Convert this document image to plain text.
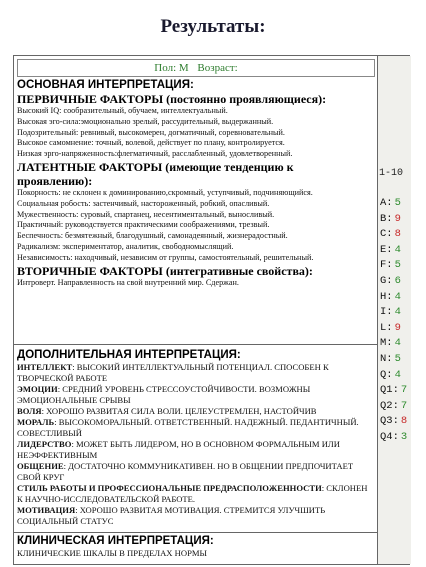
Результаты:
Пол: М Возраст:
ОСНОВНАЯ ИНТЕРПРЕТАЦИЯ:
ПЕРВИЧНЫЕ ФАКТОРЫ (постоянно проявляющиеся):
Высокий IQ: сообразительный, обучаем, интеллектуальный.
Высокая эго-сила:эмоционально зрелый, рассудительный, выдержанный.
Подозрительный: ревнивый, высокомерен, догматичный, соревновательный.
Высокое самомнение: точный, волевой, действует по плану, контролируется.
Низкая эрго-напряженность:флегматичный, расслабленный, удовлетворенный.
ЛАТЕНТНЫЕ ФАКТОРЫ (имеющие тенденцию к
проявлению):
Покорность: не склонен к доминированию,скромный, уступчивый, подчиняющийся.
Социальная робость: застенчивый, настороженный, робкий, опасливый.
Мужественность: суровый, спартанец, несентиментальный, выносливый.
Практичный: руководствуется практическими соображениями, трезвый.
Беспечность: безмятежный, благодушный, самонадеянный, жизнерадостный.
Радикализм: экспериментатор, аналитик, свободномыслящий.
Независимость: находчивый, независим от группы, самостоятельный, решительный.
ВТОРИЧНЫЕ ФАКТОРЫ (интегративные свойства):
Интроверт. Направленность на свой внутренний мир. Сдержан.
ДОПОЛНИТЕЛЬНАЯ ИНТЕРПРЕТАЦИЯ:
ИНТЕЛЛЕКТ: ВЫСОКИЙ ИНТЕЛЛЕКТУАЛЬНЫЙ ПОТЕНЦИАЛ. СПОСОБЕН К ТВОРЧЕСКОЙ РАБОТЕ
ЭМОЦИИ: СРЕДНИЙ УРОВЕНЬ СТРЕССОУСТОЙЧИВОСТИ. ВОЗМОЖНЫ ЭМОЦИОНАЛЬНЫЕ СРЫВЫ
ВОЛЯ: ХОРОШО РАЗВИТАЯ СИЛА ВОЛИ. ЦЕЛЕУСТРЕМЛЕН, НАСТОЙЧИВ
МОРАЛЬ: ВЫСОКОМОРАЛЬНЫЙ. ОТВЕТСТВЕННЫЙ. НАДЕЖНЫЙ. ПЕДАНТИЧНЫЙ. СОВЕСТЛИВЫЙ
ЛИДЕРСТВО: МОЖЕТ БЫТЬ ЛИДЕРОМ, НО В ОСНОВНОМ ФОРМАЛЬНЫМ ИЛИ НЕЭФФЕКТИВНЫМ
ОБЩЕНИЕ: ДОСТАТОЧНО КОММУНИКАТИВЕН. НО В ОБЩЕНИИ ПРЕДПОЧИТАЕТ СВОЙ КРУГ
СТИЛЬ РАБОТЫ И ПРОФЕССИОНАЛЬНЫЕ ПРЕДРАСПОЛОЖЕННОСТИ: СКЛОНЕН К НАУЧНО-ИССЛЕДОВАТЕЛЬСКОЙ РАБОТЕ.
МОТИВАЦИЯ: ХОРОШО РАЗВИТАЯ МОТИВАЦИЯ. СТРЕМИТСЯ УЛУЧШИТЬ СОЦИАЛЬНЫЙ СТАТУС
КЛИНИЧЕСКАЯ ИНТЕРПРЕТАЦИЯ:
КЛИНИЧЕСКИЕ ШКАЛЫ В ПРЕДЕЛАХ НОРМЫ
1-10
A: 5
B: 9
C: 8
E: 4
F: 5
G: 6
H: 4
I: 4
L: 9
M: 4
N: 5
Q: 4
Q1: 7
Q2: 7
Q3: 8
Q4: 3
